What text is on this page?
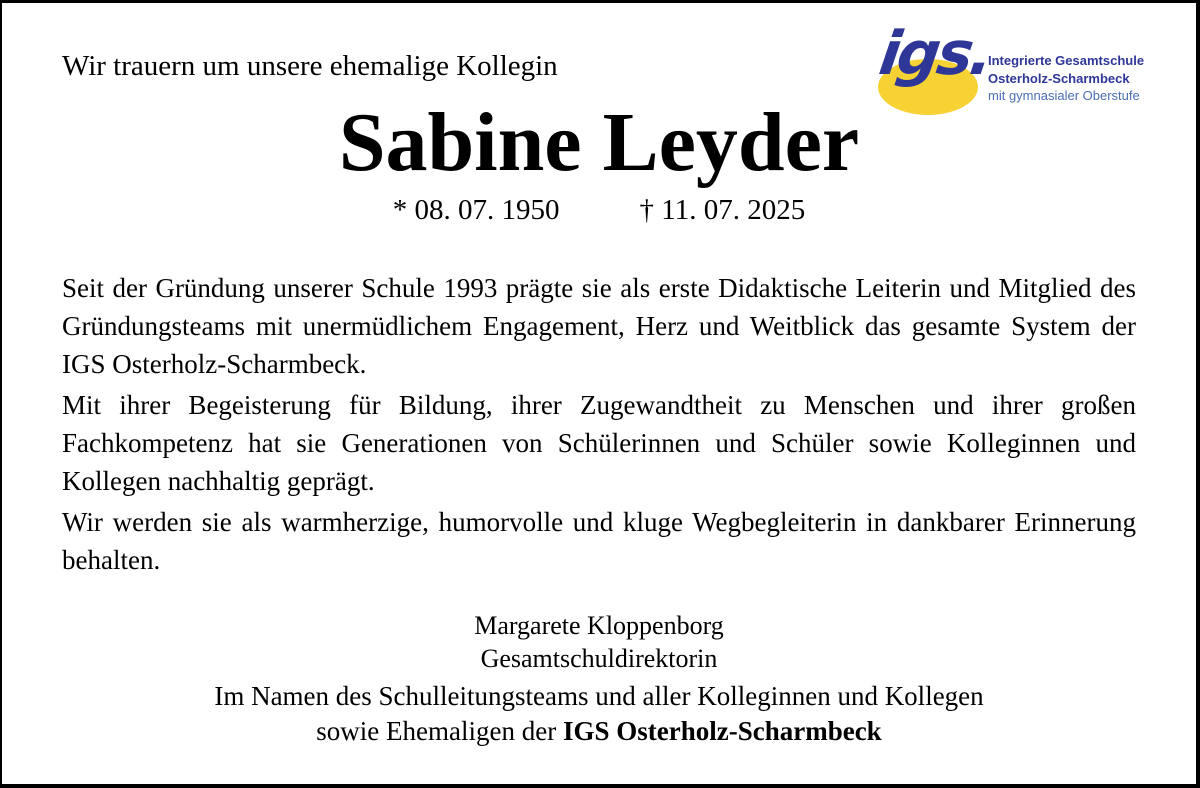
Wir trauern um unsere ehemalige Kollegin	igs.
Integrierte Gesamtschule
Osterholz-Scharmbeck
mit gymnasialer Oberstufe
Sabine Leyder
* 08. 07. 1950	† 11. 07. 2025

Seit der Gründung unserer Schule 1993 prägte sie als erste Didaktische Leiterin und Mitglied des Gründungsteams mit unermüdlichem Engagement, Herz und Weitblick das gesamte System der IGS Osterholz-Scharmbeck.

Mit ihrer Begeisterung für Bildung, ihrer Zugewandtheit zu Menschen und ihrer großen Fachkompetenz hat sie Generationen von Schülerinnen und Schüler sowie Kolleginnen und Kollegen nachhaltig geprägt.

Wir werden sie als warmherzige, humorvolle und kluge Wegbegleiterin in dankbarer Erinnerung behalten.

Margarete Kloppenborg
Gesamtschuldirektorin
Im Namen des Schulleitungsteams und aller Kolleginnen und Kollegen
sowie Ehemaligen der IGS Osterholz-Scharmbeck
